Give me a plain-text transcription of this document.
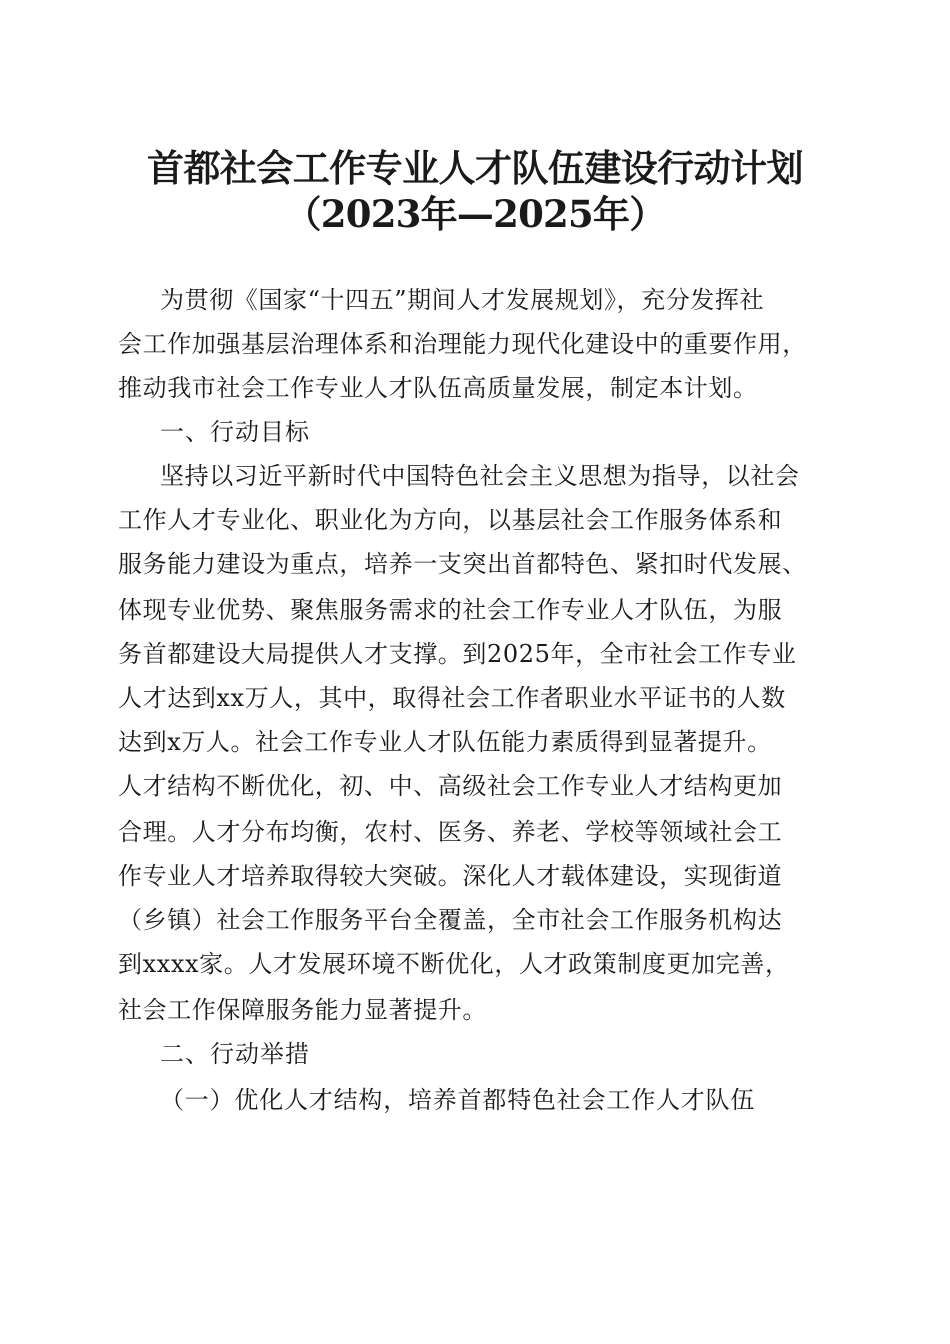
首都社会工作专业人才队伍建设行动计划
（2023年—2025年）
为贯彻《国家“十四五”期间人才发展规划》，充分发挥社
会工作加强基层治理体系和治理能力现代化建设中的重要作用，
推动我市社会工作专业人才队伍高质量发展，制定本计划。
一、行动目标
坚持以习近平新时代中国特色社会主义思想为指导，以社会
工作人才专业化、职业化为方向，以基层社会工作服务体系和
服务能力建设为重点，培养一支突出首都特色、紧扣时代发展、
体现专业优势、聚焦服务需求的社会工作专业人才队伍，为服
务首都建设大局提供人才支撑。到2025年，全市社会工作专业
人才达到xx万人，其中，取得社会工作者职业水平证书的人数
达到x万人。社会工作专业人才队伍能力素质得到显著提升。
人才结构不断优化，初、中、高级社会工作专业人才结构更加
合理。人才分布均衡，农村、医务、养老、学校等领域社会工
作专业人才培养取得较大突破。深化人才载体建设，实现街道
（乡镇）社会工作服务平台全覆盖，全市社会工作服务机构达
到xxxx家。人才发展环境不断优化，人才政策制度更加完善，
社会工作保障服务能力显著提升。
二、行动举措
（一）优化人才结构，培养首都特色社会工作人才队伍
